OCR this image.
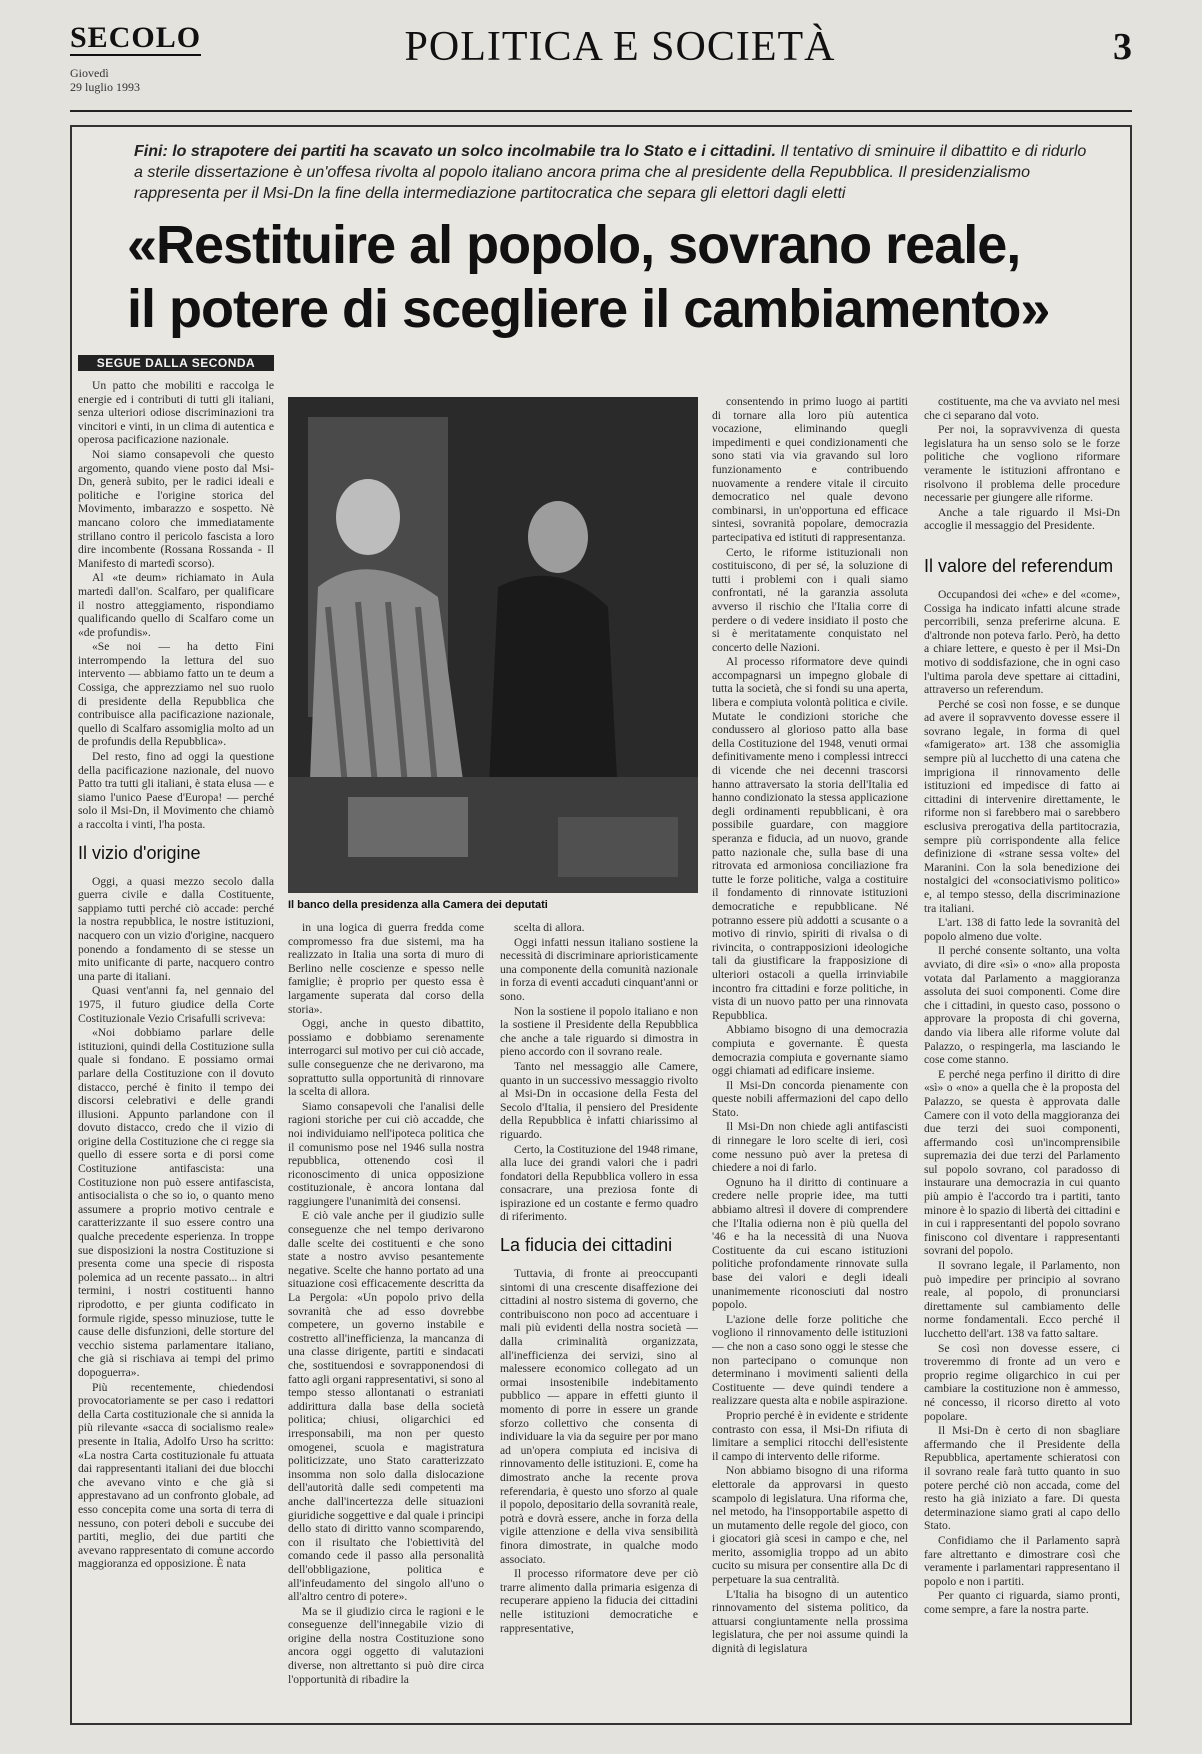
SECOLO
Giovedì
29 luglio 1993
POLITICA E SOCIETÀ	3
Fini: lo strapotere dei partiti ha scavato un solco incolmabile tra lo Stato e i cittadini. Il tentativo di sminuire il dibattito e di ridurlo a sterile dissertazione è un'offesa rivolta al popolo italiano ancora prima che al presidente della Repubblica. Il presidenzialismo rappresenta per il Msi-Dn la fine della intermediazione partitocratica che separa gli elettori dagli eletti
«Restituire al popolo, sovrano reale,
il potere di scegliere il cambiamento»
SEGUE DALLA SECONDA

Un patto che mobiliti e raccolga le energie ed i contributi di tutti gli italiani, senza ulteriori odiose discriminazioni tra vincitori e vinti, in un clima di autentica e operosa pacificazione nazionale.

Noi siamo consapevoli che questo argomento, quando viene posto dal Msi-Dn, generà subito, per le radici ideali e politiche e l'origine storica del Movimento, imbarazzo e sospetto. Nè mancano coloro che immediatamente strillano contro il pericolo fascista a loro dire incombente (Rossana Rossanda - Il Manifesto di martedì scorso).

Al «te deum» richiamato in Aula martedì dall'on. Scalfaro, per qualificare il nostro atteggiamento, rispondiamo qualificando quello di Scalfaro come un «de profundis».

«Se noi — ha detto Fini interrompendo la lettura del suo intervento — abbiamo fatto un te deum a Cossiga, che apprezziamo nel suo ruolo di presidente della Repubblica che contribuisce alla pacificazione nazionale, quello di Scalfaro assomiglia molto ad un de profundis della Repubblica».

Del resto, fino ad oggi la questione della pacificazione nazionale, del nuovo Patto tra tutti gli italiani, è stata elusa — e siamo l'unico Paese d'Europa! — perché solo il Msi-Dn, il Movimento che chiamò a raccolta i vinti, l'ha posta.

Il vizio d'origine

Oggi, a quasi mezzo secolo dalla guerra civile e dalla Costituente, sappiamo tutti perché ciò accade: perché la nostra repubblica, le nostre istituzioni, nacquero con un vizio d'origine, nacquero ponendo a fondamento di se stesse un mito unificante di parte, nacquero contro una parte di italiani.

Quasi vent'anni fa, nel gennaio del 1975, il futuro giudice della Corte Costituzionale Vezio Crisafulli scriveva:

«Noi dobbiamo parlare delle istituzioni, quindi della Costituzione sulla quale si fondano. E possiamo ormai parlare della Costituzione con il dovuto distacco, perché è finito il tempo dei discorsi celebrativi e delle grandi illusioni. Appunto parlandone con il dovuto distacco, credo che il vizio di origine della Costituzione che ci regge sia quello di essere sorta e di porsi come Costituzione antifascista: una Costituzione non può essere antifascista, antisocialista o che so io, o quanto meno assumere a proprio motivo centrale e caratterizzante il suo essere contro una qualche precedente esperienza. In troppe sue disposizioni la nostra Costituzione si presenta come una specie di risposta polemica ad un recente passato... in altri termini, i nostri costituenti hanno riprodotto, e per giunta codificato in formule rigide, spesso minuziose, tutte le cause delle disfunzioni, delle storture del vecchio sistema parlamentare italiano, che già si rischiava ai tempi del primo dopoguerra».

Più recentemente, chiedendosi provocatoriamente se per caso i redattori della Carta costituzionale che si annida la più rilevante «sacca di socialismo reale» presente in Italia, Adolfo Urso ha scritto: «La nostra Carta costituzionale fu attuata dai rappresentanti italiani dei due blocchi che avevano vinto e che già si apprestavano ad un confronto globale, ad esso concepita come una sorta di terra di nessuno, con poteri deboli e succube dei partiti, meglio, dei due partiti che avevano rappresentato di comune accordo maggioranza ed opposizione. È nata

Il banco della presidenza alla Camera dei deputati

in una logica di guerra fredda come compromesso fra due sistemi, ma ha realizzato in Italia una sorta di muro di Berlino nelle coscienze e spesso nelle famiglie; è proprio per questo essa è largamente superata dal corso della storia».

Oggi, anche in questo dibattito, possiamo e dobbiamo serenamente interrogarci sul motivo per cui ciò accade, sulle conseguenze che ne derivarono, ma soprattutto sulla opportunità di rinnovare la scelta di allora.

Siamo consapevoli che l'analisi delle ragioni storiche per cui ciò accadde, che noi individuiamo nell'ipoteca politica che il comunismo pose nel 1946 sulla nostra repubblica, ottenendo così il riconoscimento di unica opposizione costituzionale, è ancora lontana dal raggiungere l'unanimità dei consensi.

E ciò vale anche per il giudizio sulle conseguenze che nel tempo derivarono dalle scelte dei costituenti e che sono state a nostro avviso pesantemente negative. Scelte che hanno portato ad una situazione così efficacemente descritta da La Pergola: «Un popolo privo della sovranità che ad esso dovrebbe competere, un governo instabile e costretto all'inefficienza, la mancanza di una classe dirigente, partiti e sindacati che, sostituendosi e sovrapponendosi di fatto agli organi rappresentativi, si sono al tempo stesso allontanati o estraniati addirittura dalla base della società politica; chiusi, oligarchici ed irresponsabili, ma non per questo omogenei, scuola e magistratura politicizzate, uno Stato caratterizzato insomma non solo dalla dislocazione dell'autorità dalle sedi competenti ma anche dall'incertezza delle situazioni giuridiche soggettive e dal quale i principi dello stato di diritto vanno scomparendo, con il risultato che l'obiettività del comando cede il passo alla personalità dell'obbligazione, politica e all'infeudamento del singolo all'uno o all'altro centro di potere».

Ma se il giudizio circa le ragioni e le conseguenze dell'innegabile vizio di origine della nostra Costituzione sono ancora oggi oggetto di valutazioni diverse, non altrettanto si può dire circa l'opportunità di ribadire la

scelta di allora.

Oggi infatti nessun italiano sostiene la necessità di discriminare aprioristicamente una componente della comunità nazionale in forza di eventi accaduti cinquant'anni or sono.

Non la sostiene il popolo italiano e non la sostiene il Presidente della Repubblica che anche a tale riguardo si dimostra in pieno accordo con il sovrano reale.

Tanto nel messaggio alle Camere, quanto in un successivo messaggio rivolto al Msi-Dn in occasione della Festa del Secolo d'Italia, il pensiero del Presidente della Repubblica è infatti chiarissimo al riguardo.

Certo, la Costituzione del 1948 rimane, alla luce dei grandi valori che i padri fondatori della Repubblica vollero in essa consacrare, una preziosa fonte di ispirazione ed un costante e fermo quadro di riferimento.

La fiducia dei cittadini

Tuttavia, di fronte ai preoccupanti sintomi di una crescente disaffezione dei cittadini al nostro sistema di governo, che contribuiscono non poco ad accentuare i mali più evidenti della nostra società — dalla criminalità organizzata, all'inefficienza dei servizi, sino al malessere economico collegato ad un ormai insostenibile indebitamento pubblico — appare in effetti giunto il momento di porre in essere un grande sforzo collettivo che consenta di individuare la via da seguire per por mano ad un'opera compiuta ed incisiva di rinnovamento delle istituzioni. E, come ha dimostrato anche la recente prova referendaria, è questo uno sforzo al quale il popolo, depositario della sovranità reale, potrà e dovrà essere, anche in forza della vigile attenzione e della viva sensibilità finora dimostrate, in qualche modo associato.

Il processo riformatore deve per ciò trarre alimento dalla primaria esigenza di recuperare appieno la fiducia dei cittadini nelle istituzioni democratiche e rappresentative,

consentendo in primo luogo ai partiti di tornare alla loro più autentica vocazione, eliminando quegli impedimenti e quei condizionamenti che sono stati via via gravando sul loro funzionamento e contribuendo nuovamente a rendere vitale il circuito democratico nel quale devono combinarsi, in un'opportuna ed efficace sintesi, sovranità popolare, democrazia partecipativa ed istituti di rappresentanza.

Certo, le riforme istituzionali non costituiscono, di per sé, la soluzione di tutti i problemi con i quali siamo confrontati, né la garanzia assoluta avverso il rischio che l'Italia corre di perdere o di vedere insidiato il posto che si è meritatamente conquistato nel concerto delle Nazioni.

Al processo riformatore deve quindi accompagnarsi un impegno globale di tutta la società, che si fondi su una aperta, libera e compiuta volontà politica e civile. Mutate le condizioni storiche che condussero al glorioso patto alla base della Costituzione del 1948, venuti ormai definitivamente meno i complessi intrecci di vicende che nei decenni trascorsi hanno attraversato la storia dell'Italia ed hanno condizionato la stessa applicazione degli ordinamenti repubblicani, è ora possibile guardare, con maggiore speranza e fiducia, ad un nuovo, grande patto nazionale che, sulla base di una ritrovata ed armoniosa conciliazione fra tutte le forze politiche, valga a costituire il fondamento di rinnovate istituzioni democratiche e repubblicane. Né potranno essere più addotti a scusante o a motivo di rinvio, spiriti di rivalsa o di rivincita, o contrapposizioni ideologiche tali da giustificare la frapposizione di ulteriori ostacoli a quella irrinviabile incontro fra cittadini e forze politiche, in vista di un nuovo patto per una rinnovata Repubblica.

Abbiamo bisogno di una democrazia compiuta e governante. È questa democrazia compiuta e governante siamo oggi chiamati ad edificare insieme.

Il Msi-Dn concorda pienamente con queste nobili affermazioni del capo dello Stato.

Il Msi-Dn non chiede agli antifascisti di rinnegare le loro scelte di ieri, così come nessuno può aver la pretesa di chiedere a noi di farlo.

Ognuno ha il diritto di continuare a credere nelle proprie idee, ma tutti abbiamo altresì il dovere di comprendere che l'Italia odierna non è più quella del '46 e ha la necessità di una Nuova Costituente da cui escano istituzioni politiche profondamente rinnovate sulla base dei valori e degli ideali unanimemente riconosciuti dal nostro popolo.

L'azione delle forze politiche che vogliono il rinnovamento delle istituzioni — che non a caso sono oggi le stesse che non partecipano o comunque non determinano i movimenti salienti della Costituente — deve quindi tendere a realizzare questa alta e nobile aspirazione.

Proprio perché è in evidente e stridente contrasto con essa, il Msi-Dn rifiuta di limitare a semplici ritocchi dell'esistente il campo di intervento delle riforme.

Non abbiamo bisogno di una riforma elettorale da approvarsi in questo scampolo di legislatura. Una riforma che, nel metodo, ha l'insopportabile aspetto di un mutamento delle regole del gioco, con i giocatori già scesi in campo e che, nel merito, assomiglia troppo ad un abito cucito su misura per consentire alla Dc di perpetuare la sua centralità.

L'Italia ha bisogno di un autentico rinnovamento del sistema politico, da attuarsi congiuntamente nella prossima legislatura, che per noi assume quindi la dignità di legislatura

costituente, ma che va avviato nel mesi che ci separano dal voto.

Per noi, la sopravvivenza di questa legislatura ha un senso solo se le forze politiche che vogliono riformare veramente le istituzioni affrontano e risolvono il problema delle procedure necessarie per giungere alle riforme.

Anche a tale riguardo il Msi-Dn accoglie il messaggio del Presidente.

Il valore del referendum

Occupandosi dei «che» e del «come», Cossiga ha indicato infatti alcune strade percorribili, senza preferirne alcuna. E d'altronde non poteva farlo. Però, ha detto a chiare lettere, e questo è per il Msi-Dn motivo di soddisfazione, che in ogni caso l'ultima parola deve spettare ai cittadini, attraverso un referendum.

Perché se così non fosse, e se dunque ad avere il sopravvento dovesse essere il sovrano legale, in forma di quel «famigerato» art. 138 che assomiglia sempre più al lucchetto di una catena che imprigiona il rinnovamento delle istituzioni ed impedisce di fatto ai cittadini di intervenire direttamente, le riforme non si farebbero mai o sarebbero esclusiva prerogativa della partitocrazia, sempre più corrispondente alla felice definizione di «strane sessa volte» del Maranini. Con la sola benedizione dei nostalgici del «consociativismo politico» e, al tempo stesso, della discriminazione tra italiani.

L'art. 138 di fatto lede la sovranità del popolo almeno due volte.

Il perché consente soltanto, una volta avviato, di dire «sì» o «no» alla proposta votata dal Parlamento a maggioranza assoluta dei suoi componenti. Come dire che i cittadini, in questo caso, possono o approvare la proposta di chi governa, dando via libera alle riforme volute dal Palazzo, o respingerla, ma lasciando le cose come stanno.

E perché nega perfino il diritto di dire «sì» o «no» a quella che è la proposta del Palazzo, se questa è approvata dalle Camere con il voto della maggioranza dei due terzi dei suoi componenti, affermando così un'incomprensibile supremazia dei due terzi del Parlamento sul popolo sovrano, col paradosso di instaurare una democrazia in cui quanto più ampio è l'accordo tra i partiti, tanto minore è lo spazio di libertà dei cittadini e in cui i rappresentanti del popolo sovrano finiscono col diventare i rappresentanti sovrani del popolo.

Il sovrano legale, il Parlamento, non può impedire per principio al sovrano reale, al popolo, di pronunciarsi direttamente sul cambiamento delle norme fondamentali. Ecco perché il lucchetto dell'art. 138 va fatto saltare.

Se così non dovesse essere, ci troveremmo di fronte ad un vero e proprio regime oligarchico in cui per cambiare la costituzione non è ammesso, né concesso, il ricorso diretto al voto popolare.

Il Msi-Dn è certo di non sbagliare affermando che il Presidente della Repubblica, apertamente schieratosi con il sovrano reale farà tutto quanto in suo potere perché ciò non accada, come del resto ha già iniziato a fare. Di questa determinazione siamo grati al capo dello Stato.

Confidiamo che il Parlamento saprà fare altrettanto e dimostrare così che veramente i parlamentari rappresentano il popolo e non i partiti.

Per quanto ci riguarda, siamo pronti, come sempre, a fare la nostra parte.
